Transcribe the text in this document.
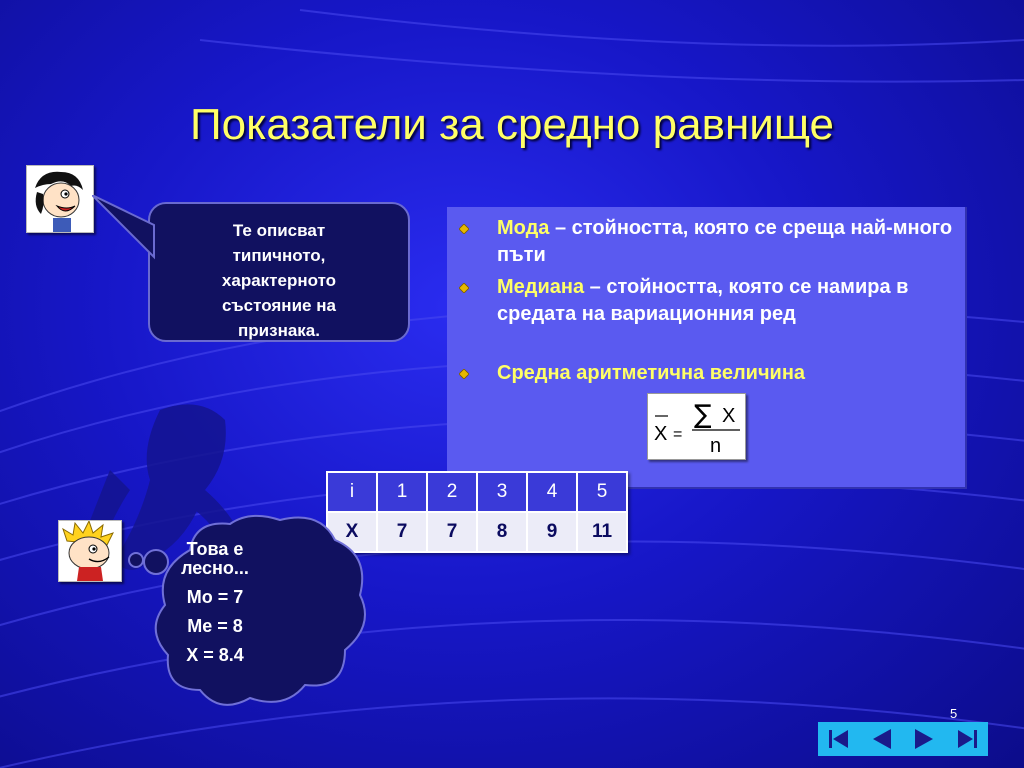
Показатели за средно равнище
Те описват
типичното,
характерното
състояние на
признака.
Мода – стойността, която се среща най-много пъти
Медиана – стойността, която се намира в средата на вариационния ред
Средна аритметична величина
X =
∑ X
n
i	1	2	3	4	5
X	7	7	8	9	11
Това е
лесно...
Mo = 7
Me = 8
X = 8.4
5
